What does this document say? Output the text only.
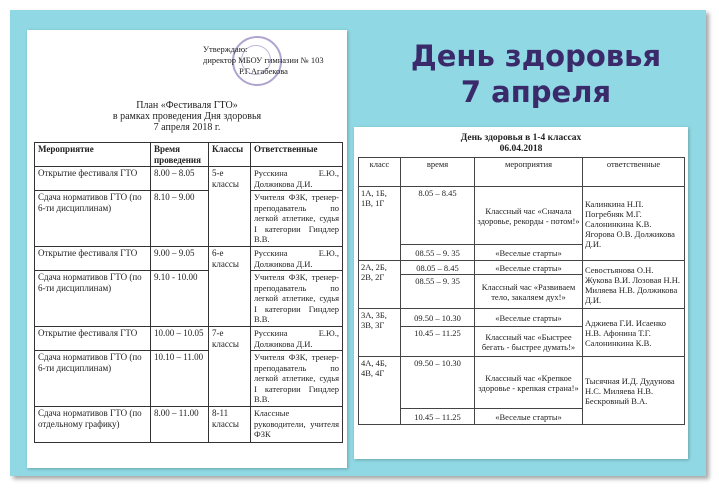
Утверждаю:
директор МБОУ гимназии № 103
Р.Г.Агабекова
План «Фестиваля ГТО»
в рамках проведения Дня здоровья
7 апреля 2018 г.
Мероприятие	Время проведения	Классы	Ответственные
Открытие фестиваля ГТО	8.00 – 8.05	5-е классы	Русскина Е.Ю., Должикова Д.И.
Сдача нормативов ГТО (по 6-ти дисциплинам)	8.10 – 9.00		Учителя ФЗК, тренер-преподаватель по легкой атлетике, судья I категории Гиндлер В.В.
Открытие фестиваля ГТО	9.00 – 9.05	6-е классы	Русскина Е.Ю., Должикова Д.И.
Сдача нормативов ГТО (по 6-ти дисциплинам)	9.10 - 10.00		Учителя ФЗК, тренер-преподаватель по легкой атлетике, судья I категории Гиндлер В.В.
Открытие фестиваля ГТО	10.00 – 10.05	7-е классы	Русскина Е.Ю., Должикова Д.И.
Сдача нормативов ГТО (по 6-ти дисциплинам)	10.10 – 11.00		Учителя ФЗК, тренер-преподаватель по легкой атлетике, судья I категории Гиндлер В.В.
Сдача нормативов ГТО (по отдельному графику)	8.00 – 11.00	8-11 классы	Классные руководители, учителя ФЗК
День здоровья
7 апреля
День здоровья в 1-4 классах
06.04.2018
класс	время	мероприятия	ответственные
1А, 1Б, 1В, 1Г	8.05 – 8.45	Классный час «Сначала здоровье, рекорды - потом!»	Калинкина Н.П. Погребняк М.Г. Салонинкина К.В. Ягорова О.В. Должикова Д.И.
	08.55 – 9. 35	«Веселые старты»	
2А, 2Б, 2В, 2Г	08.05 – 8.45	«Веселые старты»	Севостьянова О.Н. Жукова В.И. Лозовая Н.Н. Миляева Н.В. Должикова Д.И.
	08.55 – 9. 35	Классный час «Развиваем тело, закаляем дух!»	
3А, 3Б, 3В, 3Г	09.50 – 10.30	«Веселые старты»	Аджиева Г.И. Исаенко Н.В. Афонина Т.Г. Салонинкина К.В.
	10.45 – 11.25	Классный час «Быстрее бегать - быстрее думать!»	
4А, 4Б, 4В, 4Г	09.50 – 10.30	Классный час «Крепкое здоровье - крепкая страна!»	Тысячная И.Д. Дудунова Н.С. Миляева Н.В. Бескровный В.А.
	10.45 – 11.25	«Веселые старты»	
